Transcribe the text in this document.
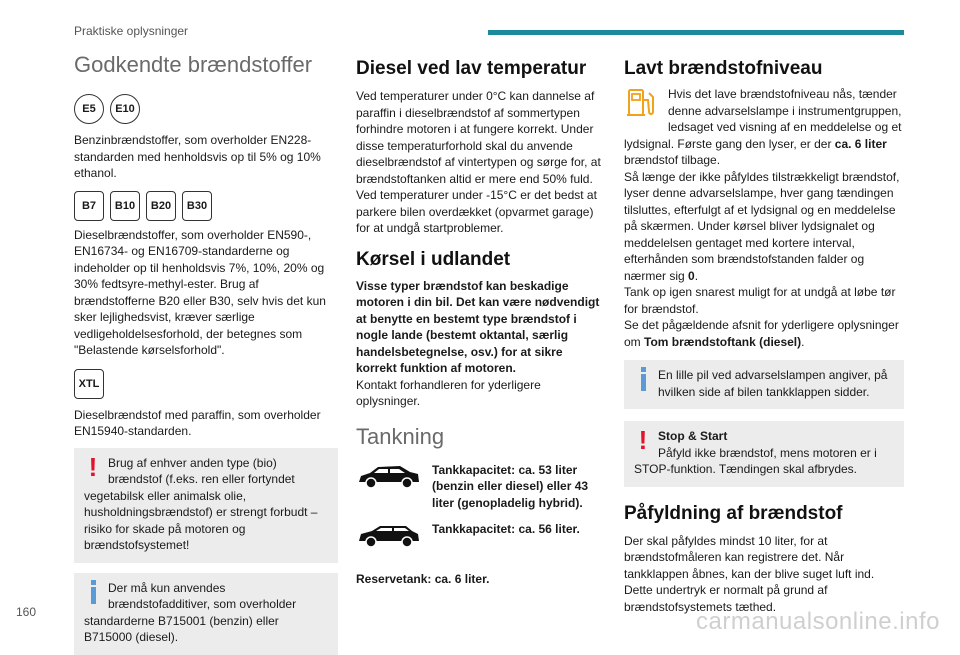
Praktiske oplysninger
Godkendte brændstoffer
E5	E10

Benzinbrændstoffer, som overholder EN228-standarden med henholdsvis op til 5% og 10% ethanol.

B7	B10	B20	B30

Dieselbrændstoffer, som overholder EN590-, EN16734- og EN16709-standarderne og indeholder op til henholdsvis 7%, 10%, 20% og 30% fedtsyre-methyl-ester. Brug af brændstofferne B20 eller B30, selv hvis det kun sker lejlighedsvist, kræver særlige vedligeholdelsesforhold, der betegnes som "Belastende kørselsforhold".

XTL

Dieselbrændstof med paraffin, som overholder EN15940-standarden.

! Brug af enhver anden type (bio) brændstof (f.eks. ren eller fortyndet vegetabilsk eller animalsk olie, husholdningsbrændstof) er strengt forbudt – risiko for skade på motoren og brændstofsystemet!

Der må kun anvendes brændstofadditiver, som overholder standarderne B715001 (benzin) eller B715000 (diesel).

Diesel ved lav temperatur

Ved temperaturer under 0°C kan dannelse af paraffin i dieselbrændstof af sommertypen forhindre motoren i at fungere korrekt. Under disse temperaturforhold skal du anvende dieselbrændstof af vintertypen og sørge for, at brændstoftanken altid er mere end 50% fuld. Ved temperaturer under -15°C er det bedst at parkere bilen overdækket (opvarmet garage) for at undgå startproblemer.

Kørsel i udlandet

Visse typer brændstof kan beskadige motoren i din bil. Det kan være nødvendigt at benytte en bestemt type brændstof i nogle lande (bestemt oktantal, særlig handelsbetegnelse, osv.) for at sikre korrekt funktion af motoren.

Kontakt forhandleren for yderligere oplysninger.

Tankning

Tankkapacitet: ca. 53 liter (benzin eller diesel) eller 43 liter (genopladelig hybrid).

Tankkapacitet: ca. 56 liter.

Reservetank: ca. 6 liter.

Lavt brændstofniveau

Hvis det lave brændstofniveau nås, tænder denne advarselslampe i instrumentgruppen, ledsaget ved visning af en meddelelse og et lydsignal. Første gang den lyser, er der ca. 6 liter brændstof tilbage.

Så længe der ikke påfyldes tilstrækkeligt brændstof, lyser denne advarselslampe, hver gang tændingen tilsluttes, efterfulgt af et lydsignal og en meddelelse på skærmen. Under kørsel bliver lydsignalet og meddelelsen gentaget med kortere interval, efterhånden som brændstofstanden falder og nærmer sig 0.

Tank op igen snarest muligt for at undgå at løbe tør for brændstof.

Se det pågældende afsnit for yderligere oplysninger om Tom brændstoftank (diesel).

En lille pil ved advarselslampen angiver, på hvilken side af bilen tankklappen sidder.

! Stop & Start

Påfyld ikke brændstof, mens motoren er i STOP-funktion. Tændingen skal afbrydes.

Påfyldning af brændstof

Der skal påfyldes mindst 10 liter, for at brændstofmåleren kan registrere det. Når tankklappen åbnes, kan der blive suget luft ind. Dette undertryk er normalt på grund af brændstofsystemets tæthed.

160	carmanualsonline.info
